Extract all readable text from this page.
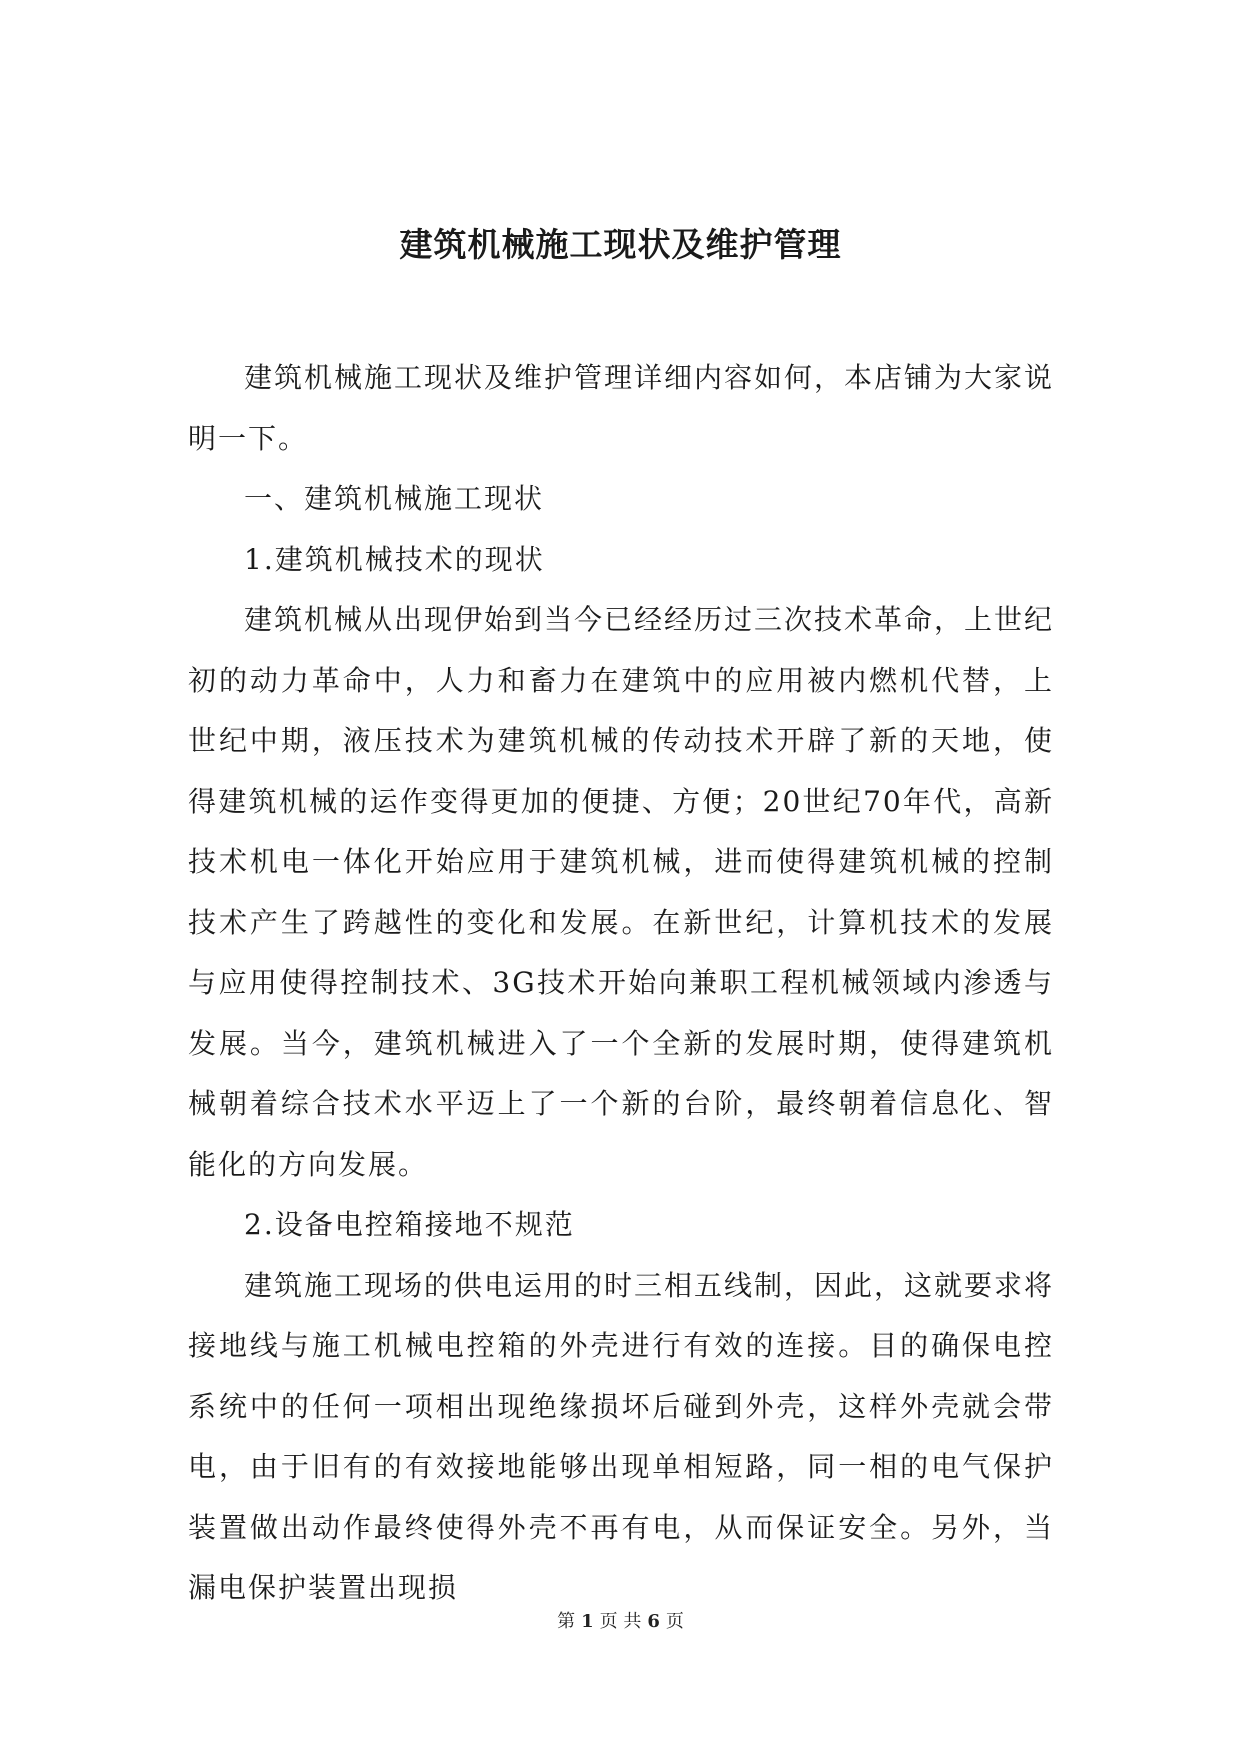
建筑机械施工现状及维护管理

建筑机械施工现状及维护管理详细内容如何，本店铺为大家说明一下。

一、建筑机械施工现状

1.建筑机械技术的现状

建筑机械从出现伊始到当今已经经历过三次技术革命，上世纪初的动力革命中，人力和畜力在建筑中的应用被内燃机代替，上世纪中期，液压技术为建筑机械的传动技术开辟了新的天地，使得建筑机械的运作变得更加的便捷、方便；20世纪70年代，高新技术机电一体化开始应用于建筑机械，进而使得建筑机械的控制技术产生了跨越性的变化和发展。在新世纪，计算机技术的发展与应用使得控制技术、3G技术开始向兼职工程机械领域内渗透与发展。当今，建筑机械进入了一个全新的发展时期，使得建筑机械朝着综合技术水平迈上了一个新的台阶，最终朝着信息化、智能化的方向发展。

2.设备电控箱接地不规范

建筑施工现场的供电运用的时三相五线制，因此，这就要求将接地线与施工机械电控箱的外壳进行有效的连接。目的确保电控系统中的任何一项相出现绝缘损坏后碰到外壳，这样外壳就会带电，由于旧有的有效接地能够出现单相短路，同一相的电气保护装置做出动作最终使得外壳不再有电，从而保证安全。另外，当漏电保护装置出现损

第 1 页 共 6 页
